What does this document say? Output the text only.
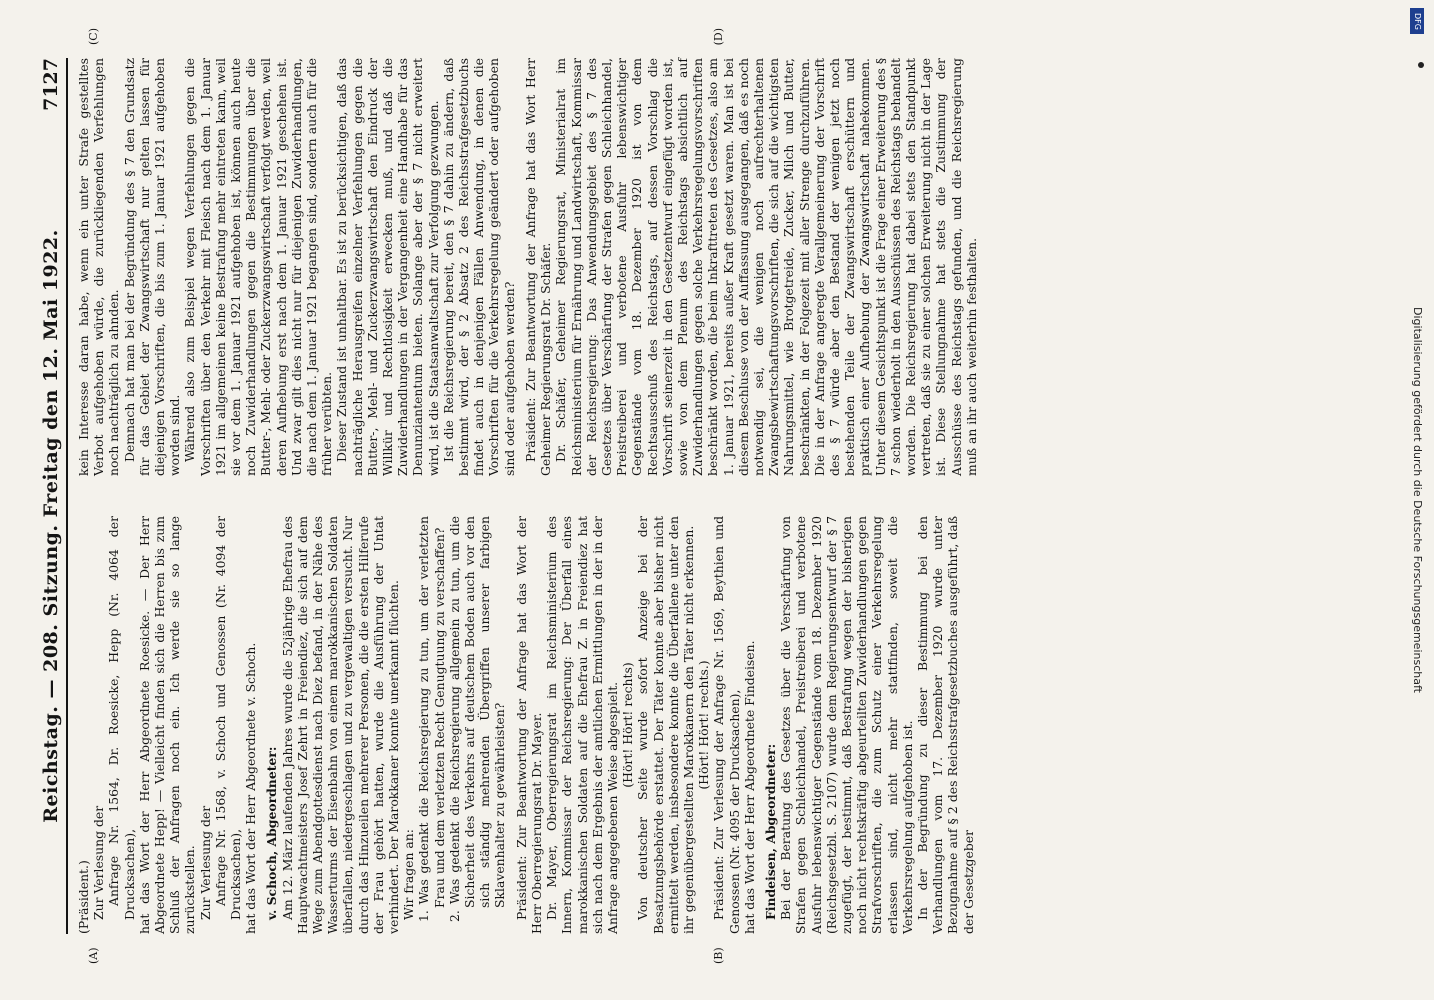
Reichstag. — 208. Sitzung. Freitag den 12. Mai 1922.
7127
(A)	(B)

(Präsident.) Zur Verlesung der Anfrage Nr. 1564, Dr. Roesicke, Hepp (Nr. 4064 der Drucksachen), hat das Wort der Herr Abgeordnete Roesicke. — Der Herr Abgeordnete Hepp! — Vielleicht finden sich die Herren bis zum Schluß der Anfragen noch ein. Ich werde sie so lange zurückstellen. Zur Verlesung der Anfrage Nr. 1568, v. Schoch und Genossen (Nr. 4094 der Drucksachen), hat das Wort der Herr Abgeordnete v. Schoch. v. Schoch, Abgeordneter: Am 12. März laufenden Jahres wurde die 52jährige Ehefrau des Hauptwachtmeisters Josef Zehrt in Freiendiez, die sich auf dem Wege zum Abendgottesdienst nach Diez befand, in der Nähe des Wasserturms der Eisenbahn von einem marokkanischen Soldaten überfallen, niedergeschlagen und zu vergewaltigen versucht. Nur durch das Hinzueilen mehrerer Personen, die die ersten Hilferufe der Frau gehört hatten, wurde die Ausführung der Untat verhindert. Der Marokkaner konnte unerkannt flüchten. Wir fragen an: 1. Was gedenkt die Reichsregierung zu tun, um der verletzten Frau und dem verletzten Recht Genugtuung zu verschaffen? 2. Was gedenkt die Reichsregierung allgemein zu tun, um die Sicherheit des Verkehrs auf deutschem Boden auch vor den sich ständig mehrenden Übergriffen unserer farbigen Sklavenhalter zu gewährleisten? Präsident: Zur Beantwortung der Anfrage hat das Wort der Herr Oberregierungsrat Dr. Mayer. Dr. Mayer, Oberregierungsrat im Reichsministerium des Innern, Kommissar der Reichsregierung: Der Überfall eines marokkanischen Soldaten auf die Ehefrau Z. in Freiendiez hat sich nach dem Ergebnis der amtlichen Ermittlungen in der in der Anfrage angegebenen Weise abgespielt. (Hört! Hört! rechts) Von deutscher Seite wurde sofort Anzeige bei der Besatzungsbehörde erstattet. Der Täter konnte aber bisher nicht ermittelt werden, insbesondere konnte die Überfallene unter den ihr gegenübergestellten Marokkanern den Täter nicht erkennen. (Hört! Hört! rechts.) Präsident: Zur Verlesung der Anfrage Nr. 1569, Beythien und Genossen (Nr. 4095 der Drucksachen), hat das Wort der Herr Abgeordnete Findeisen. Findeisen, Abgeordneter: Bei der Beratung des Gesetzes über die Verschärfung von Strafen gegen Schleichhandel, Preistreiberei und verbotene Ausfuhr lebenswichtiger Gegenstände vom 18. Dezember 1920 (Reichsgesetzbl. S. 2107) wurde dem Regierungsentwurf der § 7 zugefügt, der bestimmt, daß Bestrafung wegen der bisherigen noch nicht rechtskräftig abgeurteilten Zuwiderhandlungen gegen Strafvorschriften, die zum Schutz einer Verkehrsregelung erlassen sind, nicht mehr stattfinden, soweit die Verkehrsregelung aufgehoben ist. In der Begründung zu dieser Bestimmung bei den Verhandlungen vom 17. Dezember 1920 wurde unter Bezugnahme auf § 2 des Reichsstrafgesetzbuches ausgeführt, daß der Gesetzgeber

(C)	(D)

kein Interesse daran habe, wenn ein unter Strafe gestelltes Verbot aufgehoben würde, die zurückliegenden Verfehlungen noch nachträglich zu ahnden. Demnach hat man bei der Begründung des § 7 den Grundsatz für das Gebiet der Zwangswirtschaft nur gelten lassen für diejenigen Vorschriften, die bis zum 1. Januar 1921 aufgehoben worden sind. Während also zum Beispiel wegen Verfehlungen gegen die Vorschriften über den Verkehr mit Fleisch nach dem 1. Januar 1921 im allgemeinen keine Bestrafung mehr eintreten kann, weil sie vor dem 1. Januar 1921 aufgehoben ist, können auch heute noch Zuwiderhandlungen gegen die Bestimmungen über die Butter-, Mehl- oder Zuckerzwangswirtschaft verfolgt werden, weil deren Aufhebung erst nach dem 1. Januar 1921 geschehen ist. Und zwar gilt dies nicht nur für diejenigen Zuwiderhandlungen, die nach dem 1. Januar 1921 begangen sind, sondern auch für die früher verübten. Dieser Zustand ist unhaltbar. Es ist zu berücksichtigen, daß das nachträgliche Herausgreifen einzelner Verfehlungen gegen die Butter-, Mehl- und Zuckerzwangswirtschaft den Eindruck der Willkür und Rechtlosigkeit erwecken muß, und daß die Zuwiderhandlungen in der Vergangenheit eine Handhabe für das Denunziantentum bieten. Solange aber der § 7 nicht erweitert wird, ist die Staatsanwaltschaft zur Verfolgung gezwungen. Ist die Reichsregierung bereit, den § 7 dahin zu ändern, daß bestimmt wird, der § 2 Absatz 2 des Reichsstrafgesetzbuchs findet auch in denjenigen Fällen Anwendung, in denen die Vorschriften für die Verkehrsregelung geändert oder aufgehoben sind oder aufgehoben werden? Präsident: Zur Beantwortung der Anfrage hat das Wort Herr Geheimer Regierungsrat Dr. Schäfer. Dr. Schäfer, Geheimer Regierungsrat, Ministerialrat im Reichsministerium für Ernährung und Landwirtschaft, Kommissar der Reichsregierung: Das Anwendungsgebiet des § 7 des Gesetzes über Verschärfung der Strafen gegen Schleichhandel, Preistreiberei und verbotene Ausfuhr lebenswichtiger Gegenstände vom 18. Dezember 1920 ist von dem Rechtsausschuß des Reichstags, auf dessen Vorschlag die Vorschrift seinerzeit in den Gesetzentwurf eingefügt worden ist, sowie von dem Plenum des Reichstags absichtlich auf Zuwiderhandlungen gegen solche Verkehrsregelungsvorschriften beschränkt worden, die beim Inkrafttreten des Gesetzes, also am 1. Januar 1921, bereits außer Kraft gesetzt waren. Man ist bei diesem Beschlusse von der Auffassung ausgegangen, daß es noch notwendig sei, die wenigen noch aufrechterhaltenen Zwangsbewirtschaftungsvorschriften, die sich auf die wichtigsten Nahrungsmittel, wie Brotgetreide, Zucker, Milch und Butter, beschränkten, in der Folgezeit mit aller Strenge durchzuführen. Die in der Anfrage angeregte Verallgemeinerung der Vorschrift des § 7 würde aber den Bestand der wenigen jetzt noch bestehenden Teile der Zwangswirtschaft erschüttern und praktisch einer Aufhebung der Zwangswirtschaft nahekommen. Unter diesem Gesichtspunkt ist die Frage einer Erweiterung des § 7 schon wiederholt in den Ausschüssen des Reichstags behandelt worden. Die Reichsregierung hat dabei stets den Standpunkt vertreten, daß sie zu einer solchen Erweiterung nicht in der Lage ist. Diese Stellungnahme hat stets die Zustimmung der Ausschüsse des Reichstags gefunden, und die Reichsregierung muß an ihr auch weiterhin festhalten.	Digitalisierung gefördert durch die Deutsche Forschungsgemeinschaft
DFG
